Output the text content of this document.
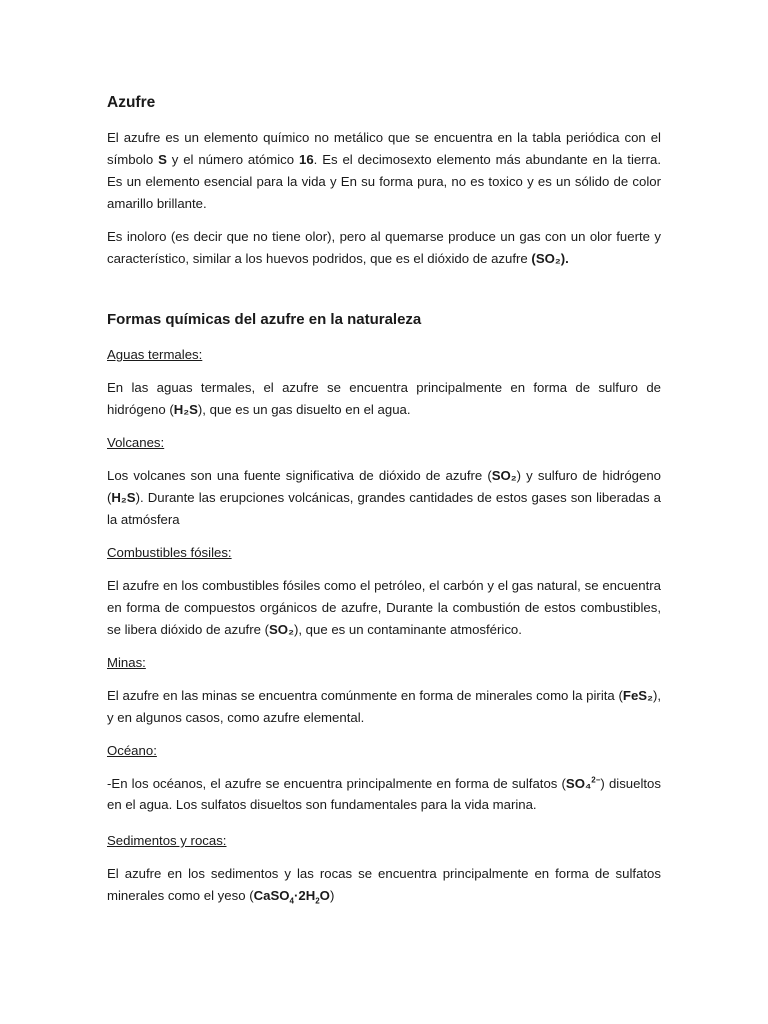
Azufre

El azufre es un elemento químico no metálico que se encuentra en la tabla periódica con el símbolo S y el número atómico 16. Es el decimosexto elemento más abundante en la tierra. Es un elemento esencial para la vida y En su forma pura, no es toxico y es un sólido de color amarillo brillante.

Es inoloro (es decir que no tiene olor), pero al quemarse produce un gas con un olor fuerte y característico, similar a los huevos podridos, que es el dióxido de azufre (SO₂).

Formas químicas del azufre en la naturaleza
Aguas termales:

En las aguas termales, el azufre se encuentra principalmente en forma de sulfuro de hidrógeno (H₂S), que es un gas disuelto en el agua.

Volcanes:

Los volcanes son una fuente significativa de dióxido de azufre (SO₂) y sulfuro de hidrógeno (H₂S). Durante las erupciones volcánicas, grandes cantidades de estos gases son liberadas a la atmósfera

Combustibles fósiles:

El azufre en los combustibles fósiles como el petróleo, el carbón y el gas natural, se encuentra en forma de compuestos orgánicos de azufre, Durante la combustión de estos combustibles, se libera dióxido de azufre (SO₂), que es un contaminante atmosférico.

Minas:

El azufre en las minas se encuentra comúnmente en forma de minerales como la pirita (FeS₂), y en algunos casos, como azufre elemental.

Océano:

-En los océanos, el azufre se encuentra principalmente en forma de sulfatos (SO₄$^{2-}$) disueltos en el agua. Los sulfatos disueltos son fundamentales para la vida marina.

Sedimentos y rocas:

El azufre en los sedimentos y las rocas se encuentra principalmente en forma de sulfatos minerales como el yeso $(CaSO_4\cdot 2H_2O)$
